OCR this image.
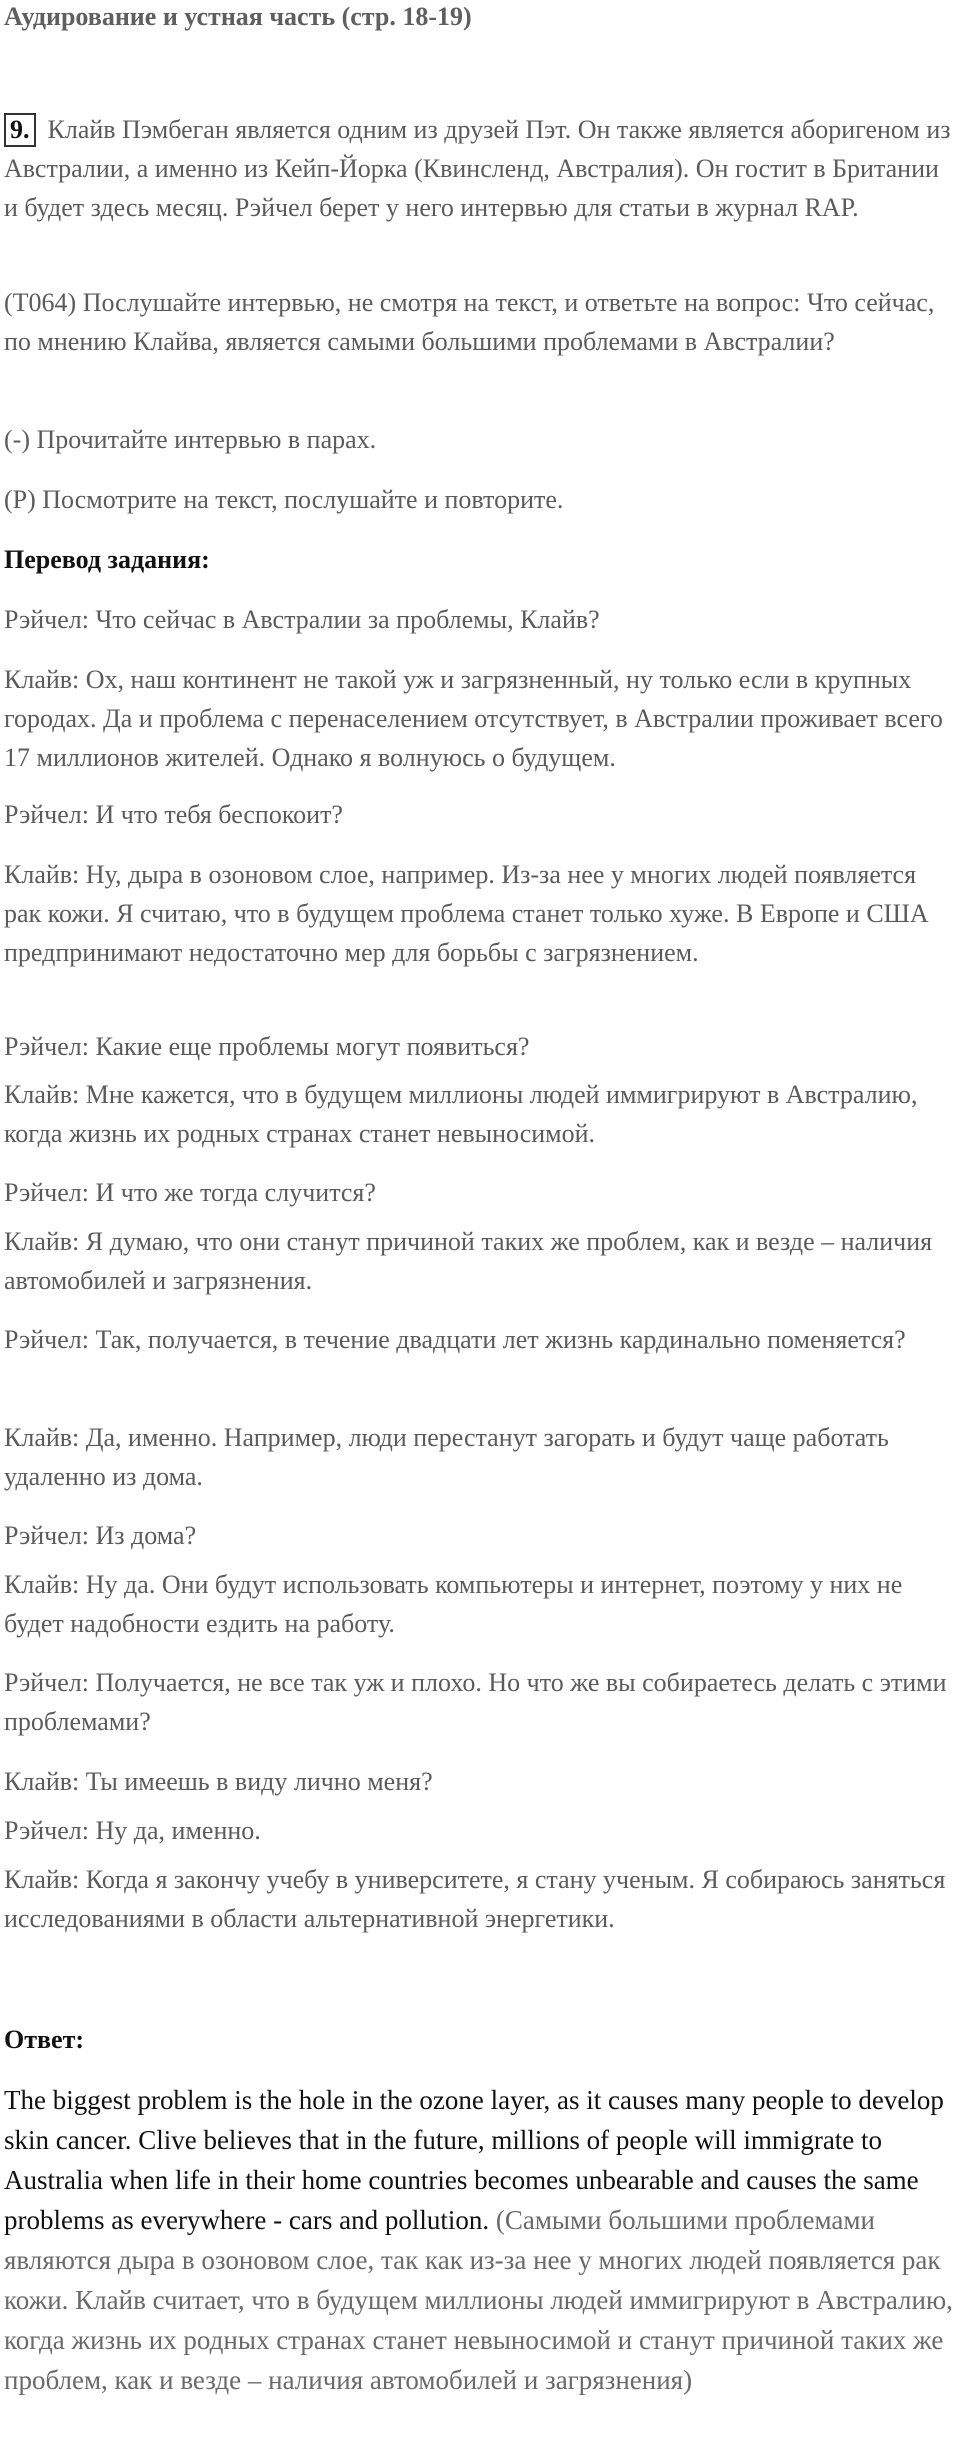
Аудирование и устная часть (стр. 18-19)

9. Клайв Пэмбеган является одним из друзей Пэт. Он также является аборигеном из Австралии, а именно из Кейп-Йорка (Квинсленд, Австралия). Он гостит в Британии и будет здесь месяц. Рэйчел берет у него интервью для статьи в журнал RAP.

(T064) Послушайте интервью, не смотря на текст, и ответьте на вопрос: Что сейчас, по мнению Клайва, является самыми большими проблемами в Австралии?

(-) Прочитайте интервью в парах.

(P) Посмотрите на текст, послушайте и повторите.

Перевод задания:

Рэйчел: Что сейчас в Австралии за проблемы, Клайв?

Клайв: Ох, наш континент не такой уж и загрязненный, ну только если в крупных городах. Да и проблема с перенаселением отсутствует, в Австралии проживает всего 17 миллионов жителей. Однако я волнуюсь о будущем.

Рэйчел: И что тебя беспокоит?

Клайв: Ну, дыра в озоновом слое, например. Из-за нее у многих людей появляется рак кожи. Я считаю, что в будущем проблема станет только хуже. В Европе и США предпринимают недостаточно мер для борьбы с загрязнением.

Рэйчел: Какие еще проблемы могут появиться?

Клайв: Мне кажется, что в будущем миллионы людей иммигрируют в Австралию, когда жизнь их родных странах станет невыносимой.

Рэйчел: И что же тогда случится?

Клайв: Я думаю, что они станут причиной таких же проблем, как и везде – наличия автомобилей и загрязнения.

Рэйчел: Так, получается, в течение двадцати лет жизнь кардинально поменяется?

Клайв: Да, именно. Например, люди перестанут загорать и будут чаще работать удаленно из дома.

Рэйчел: Из дома?

Клайв: Ну да. Они будут использовать компьютеры и интернет, поэтому у них не будет надобности ездить на работу.

Рэйчел: Получается, не все так уж и плохо. Но что же вы собираетесь делать с этими проблемами?

Клайв: Ты имеешь в виду лично меня?

Рэйчел: Ну да, именно.

Клайв: Когда я закончу учебу в университете, я стану ученым. Я собираюсь заняться исследованиями в области альтернативной энергетики.

Ответ:

The biggest problem is the hole in the ozone layer, as it causes many people to develop skin cancer. Clive believes that in the future, millions of people will immigrate to Australia when life in their home countries becomes unbearable and causes the same problems as everywhere - cars and pollution. (Самыми большими проблемами являются дыра в озоновом слое, так как из-за нее у многих людей появляется рак кожи. Клайв считает, что в будущем миллионы людей иммигрируют в Австралию, когда жизнь их родных странах станет невыносимой и станут причиной таких же проблем, как и везде – наличия автомобилей и загрязнения)
